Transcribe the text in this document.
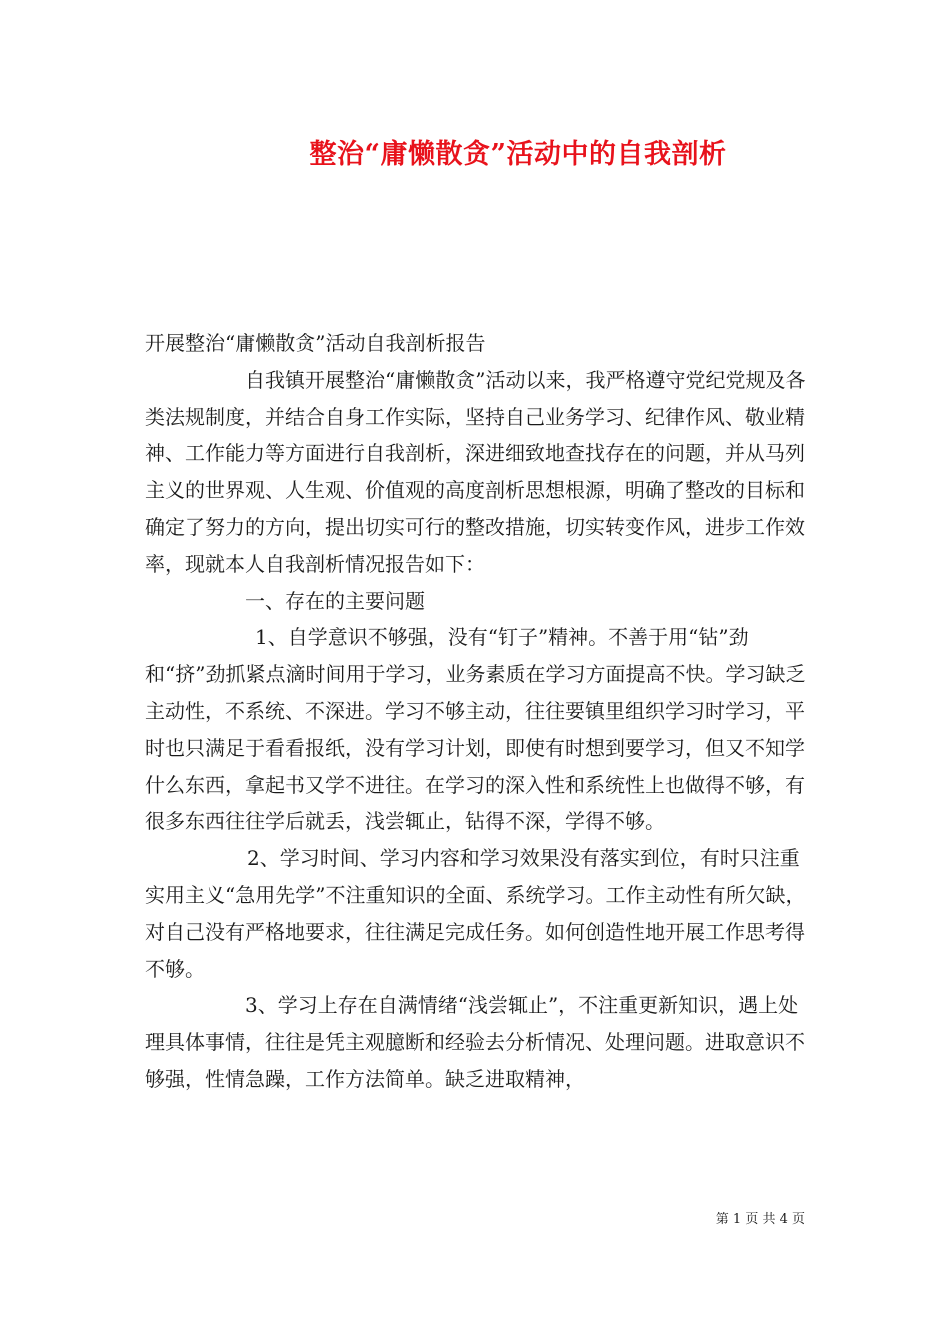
整治“庸懒散贪”活动中的自我剖析

开展整治“庸懒散贪”活动自我剖析报告

自我镇开展整治“庸懒散贪”活动以来，我严格遵守党纪党规及各类法规制度，并结合自身工作实际，坚持自己业务学习、纪律作风、敬业精神、工作能力等方面进行自我剖析，深进细致地查找存在的问题，并从马列主义的世界观、人生观、价值观的高度剖析思想根源，明确了整改的目标和确定了努力的方向，提出切实可行的整改措施，切实转变作风，进步工作效率，现就本人自我剖析情况报告如下：

一、存在的主要问题

1、自学意识不够强，没有“钉子”精神。不善于用“钻”劲和“挤”劲抓紧点滴时间用于学习，业务素质在学习方面提高不快。学习缺乏主动性，不系统、不深进。学习不够主动，往往要镇里组织学习时学习，平时也只满足于看看报纸，没有学习计划，即使有时想到要学习，但又不知学什么东西，拿起书又学不进往。在学习的深入性和系统性上也做得不够，有很多东西往往学后就丢，浅尝辄止，钻得不深，学得不够。

2、学习时间、学习内容和学习效果没有落实到位，有时只注重实用主义“急用先学”不注重知识的全面、系统学习。工作主动性有所欠缺，对自己没有严格地要求，往往满足完成任务。如何创造性地开展工作思考得不够。

3、学习上存在自满情绪“浅尝辄止”，不注重更新知识，遇上处理具体事情，往往是凭主观臆断和经验去分析情况、处理问题。进取意识不够强，性情急躁，工作方法简单。缺乏进取精神，

第 1 页 共 4 页
